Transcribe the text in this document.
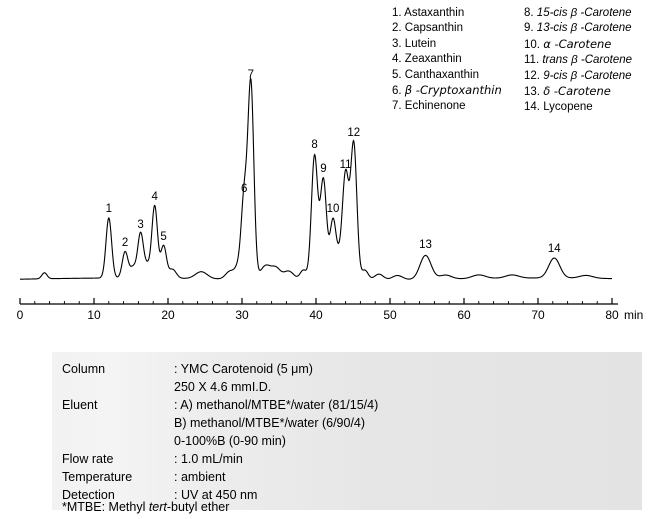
1. Astaxanthin
2. Capsanthin
3. Lutein
4. Zeaxanthin
5. Canthaxanthin
6. β -Cryptoxanthin
7. Echinenone
8. 15-cis β -Carotene
9. 13-cis β -Carotene
10. α -Carotene
11. trans β -Carotene
12. 9-cis β -Carotene
13. δ -Carotene
14. Lycopene
1
2
3
4
5
6
7
8
9
10
11
12
13	14
0	10	20	30	40	50	60	70	80 min
Column	: YMC Carotenoid (5 μm)
250 X 4.6 mmI.D.
Eluent	: A) methanol/MTBE*/water (81/15/4)
B) methanol/MTBE*/water (6/90/4)
0-100%B (0-90 min)
Flow rate	: 1.0 mL/min
Temperature	: ambient
Detection	: UV at 450 nm
*MTBE: Methyl tert-butyl ether
